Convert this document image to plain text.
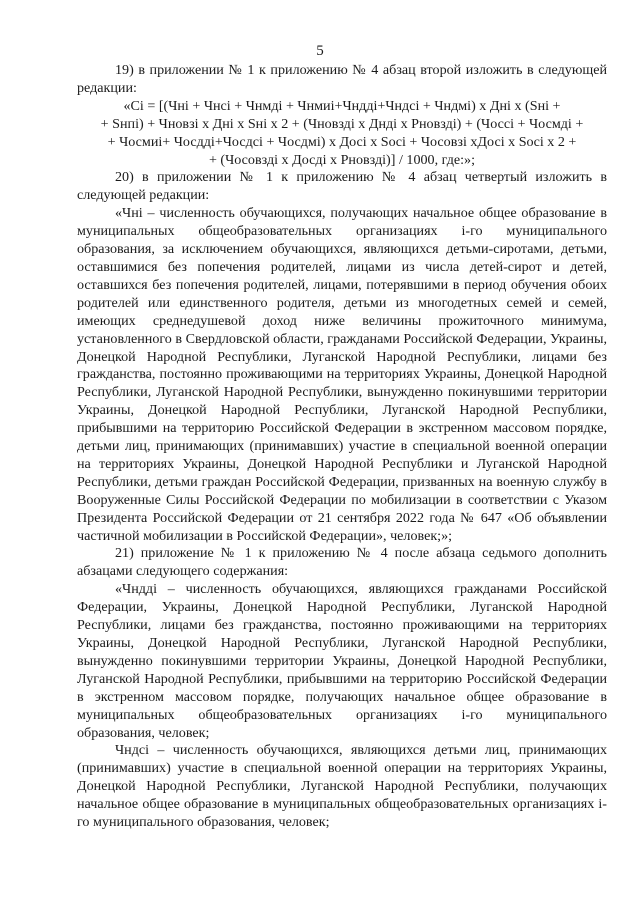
5

19) в приложении № 1 к приложению № 4 абзац второй изложить в следующей редакции:

«Ci = [(Чнi + Чнсi + Чнмдi + Чнмиi+Чндді+Чндсі + Чндмі) x Днi x (Sнi +

+ Sнпі) + Чновзі x Днi x Sнi x 2 + (Чновзді x Днді x Рновзді) + (Чоссі + Чосмді +

+ Чосмиі+ Чосддi+Чосдсі + Чосдмі) x Досі x Soci + Чосовзі xДосі x Soci x 2 +

+ (Чосовзді x Досді x Рновзді)] / 1000, где:»;

20) в приложении № 1 к приложению № 4 абзац четвертый изложить в следующей редакции:

«Чнi – численность обучающихся, получающих начальное общее образование в муниципальных общеобразовательных организациях i-го муниципального образования, за исключением обучающихся, являющихся детьми-сиротами, детьми, оставшимися без попечения родителей, лицами из числа детей-сирот и детей, оставшихся без попечения родителей, лицами, потерявшими в период обучения обоих родителей или единственного родителя, детьми из многодетных семей и семей, имеющих среднедушевой доход ниже величины прожиточного минимума, установленного в Свердловской области, гражданами Российской Федерации, Украины, Донецкой Народной Республики, Луганской Народной Республики, лицами без гражданства, постоянно проживающими на территориях Украины, Донецкой Народной Республики, Луганской Народной Республики, вынужденно покинувшими территории Украины, Донецкой Народной Республики, Луганской Народной Республики, прибывшими на территорию Российской Федерации в экстренном массовом порядке, детьми лиц, принимающих (принимавших) участие в специальной военной операции на территориях Украины, Донецкой Народной Республики и Луганской Народной Республики, детьми граждан Российской Федерации, призванных на военную службу в Вооруженные Силы Российской Федерации по мобилизации в соответствии с Указом Президента Российской Федерации от 21 сентября 2022 года № 647 «Об объявлении частичной мобилизации в Российской Федерации», человек;»;

21) приложение № 1 к приложению № 4 после абзаца седьмого дополнить абзацами следующего содержания:

«Чндді – численность обучающихся, являющихся гражданами Российской Федерации, Украины, Донецкой Народной Республики, Луганской Народной Республики, лицами без гражданства, постоянно проживающими на территориях Украины, Донецкой Народной Республики, Луганской Народной Республики, вынужденно покинувшими территории Украины, Донецкой Народной Республики, Луганской Народной Республики, прибывшими на территорию Российской Федерации в экстренном массовом порядке, получающих начальное общее образование в муниципальных общеобразовательных организациях i-го муниципального образования, человек;

Чндсі – численность обучающихся, являющихся детьми лиц, принимающих (принимавших) участие в специальной военной операции на территориях Украины, Донецкой Народной Республики, Луганской Народной Республики, получающих начальное общее образование в муниципальных общеобразовательных организациях i-го муниципального образования, человек;
